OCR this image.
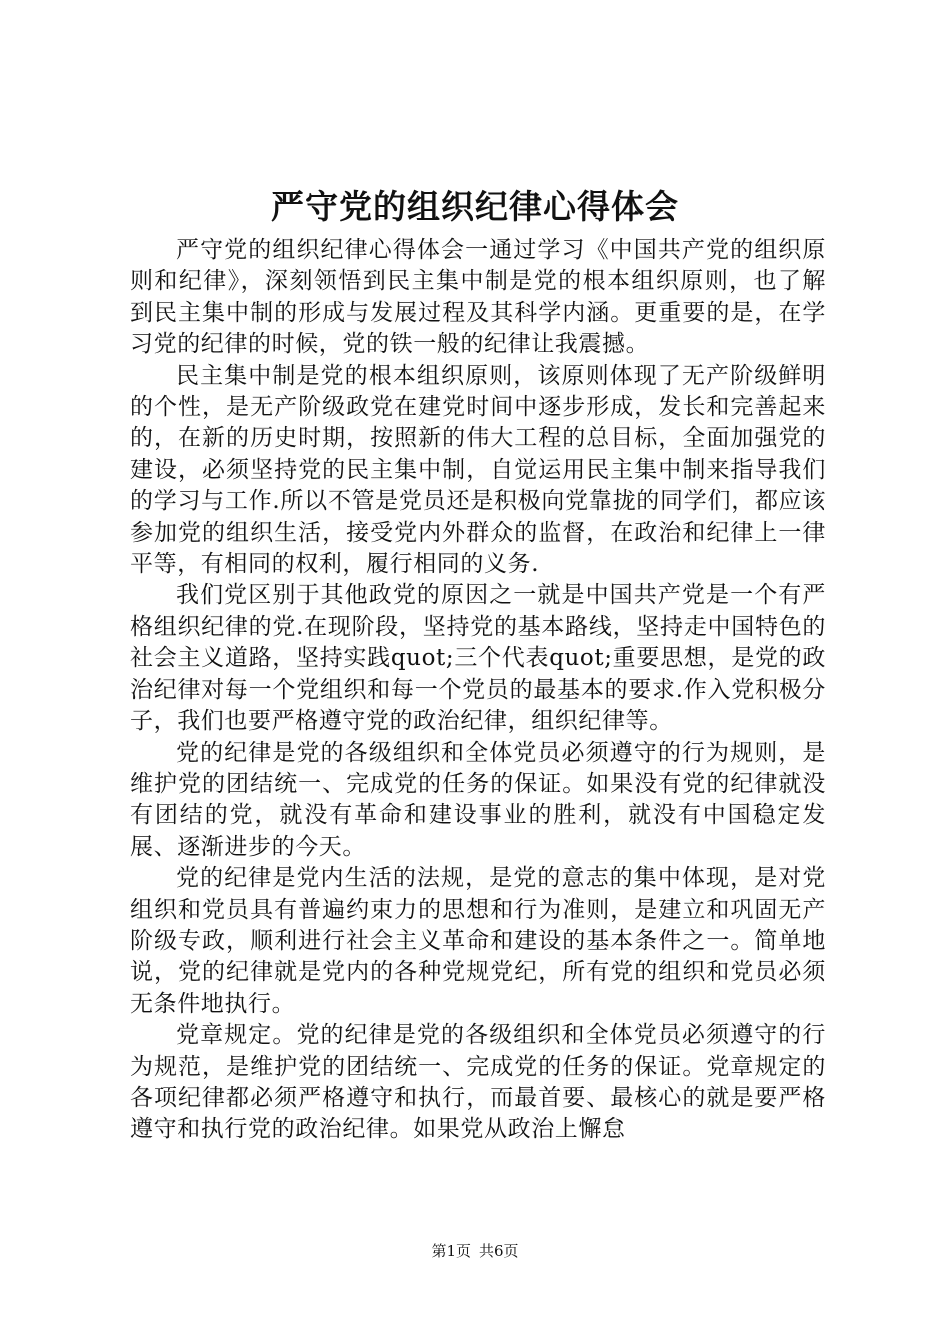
严守党的组织纪律心得体会

严守党的组织纪律心得体会一通过学习《中国共产党的组织原则和纪律》，深刻领悟到民主集中制是党的根本组织原则，也了解到民主集中制的形成与发展过程及其科学内涵。更重要的是，在学习党的纪律的时候，党的铁一般的纪律让我震撼。

民主集中制是党的根本组织原则，该原则体现了无产阶级鲜明的个性，是无产阶级政党在建党时间中逐步形成，发长和完善起来的，在新的历史时期，按照新的伟大工程的总目标，全面加强党的建设，必须坚持党的民主集中制，自觉运用民主集中制来指导我们的学习与工作.所以不管是党员还是积极向党靠拢的同学们，都应该参加党的组织生活，接受党内外群众的监督，在政治和纪律上一律平等，有相同的权利，履行相同的义务.

我们党区别于其他政党的原因之一就是中国共产党是一个有严格组织纪律的党.在现阶段，坚持党的基本路线，坚持走中国特色的社会主义道路，坚持实践quot;三个代表quot;重要思想，是党的政治纪律对每一个党组织和每一个党员的最基本的要求.作入党积极分子，我们也要严格遵守党的政治纪律，组织纪律等。

党的纪律是党的各级组织和全体党员必须遵守的行为规则，是维护党的团结统一、完成党的任务的保证。如果没有党的纪律就没有团结的党，就没有革命和建设事业的胜利，就没有中国稳定发展、逐渐进步的今天。

党的纪律是党内生活的法规，是党的意志的集中体现，是对党组织和党员具有普遍约束力的思想和行为准则，是建立和巩固无产阶级专政，顺利进行社会主义革命和建设的基本条件之一。简单地说，党的纪律就是党内的各种党规党纪，所有党的组织和党员必须无条件地执行。

党章规定。党的纪律是党的各级组织和全体党员必须遵守的行为规范，是维护党的团结统一、完成党的任务的保证。党章规定的各项纪律都必须严格遵守和执行，而最首要、最核心的就是要严格遵守和执行党的政治纪律。如果党从政治上懈怠

第1页 共6页
